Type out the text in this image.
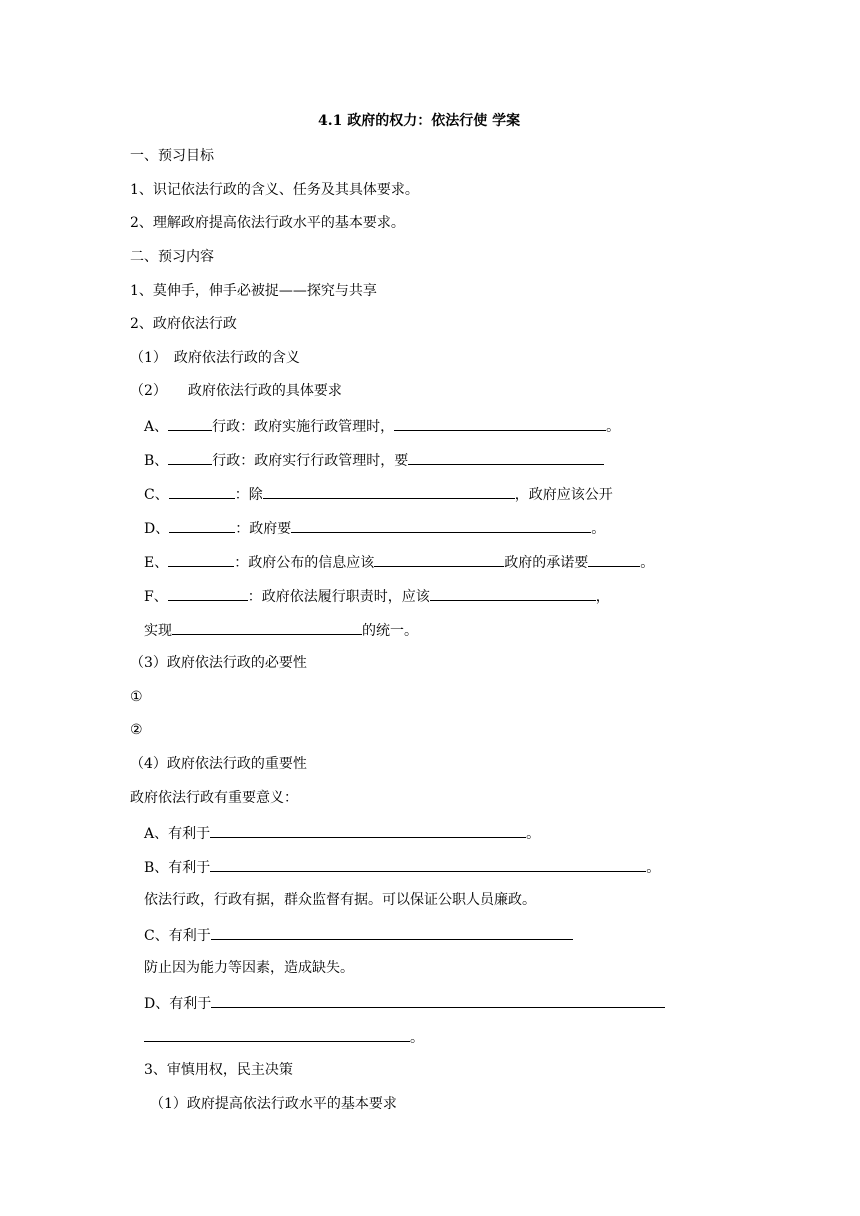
4.1 政府的权力：依法行使 学案
一、预习目标
1、识记依法行政的含义、任务及其具体要求。
2、理解政府提高依法行政水平的基本要求。
二、预习内容
1、莫伸手，伸手必被捉——探究与共享
2、政府依法行政
（1）　政府依法行政的含义
（2）　　政府依法行政的具体要求
A、	行政：政府实施行政管理时，	。
B、	行政：政府实行行政管理时，要
C、	：除	，政府应该公开
D、	：政府要	。
E、	：政府公布的信息应该	政府的承诺要	。
F、	：政府依法履行职责时，应该	，
实现	的统一。
（3）政府依法行政的必要性
①
②
（4）政府依法行政的重要性
政府依法行政有重要意义：
A、有利于	。
B、有利于	。
依法行政，行政有据，群众监督有据。可以保证公职人员廉政。
C、有利于
防止因为能力等因素，造成缺失。
D、有利于
。
3、审慎用权，民主决策
（1）政府提高依法行政水平的基本要求
